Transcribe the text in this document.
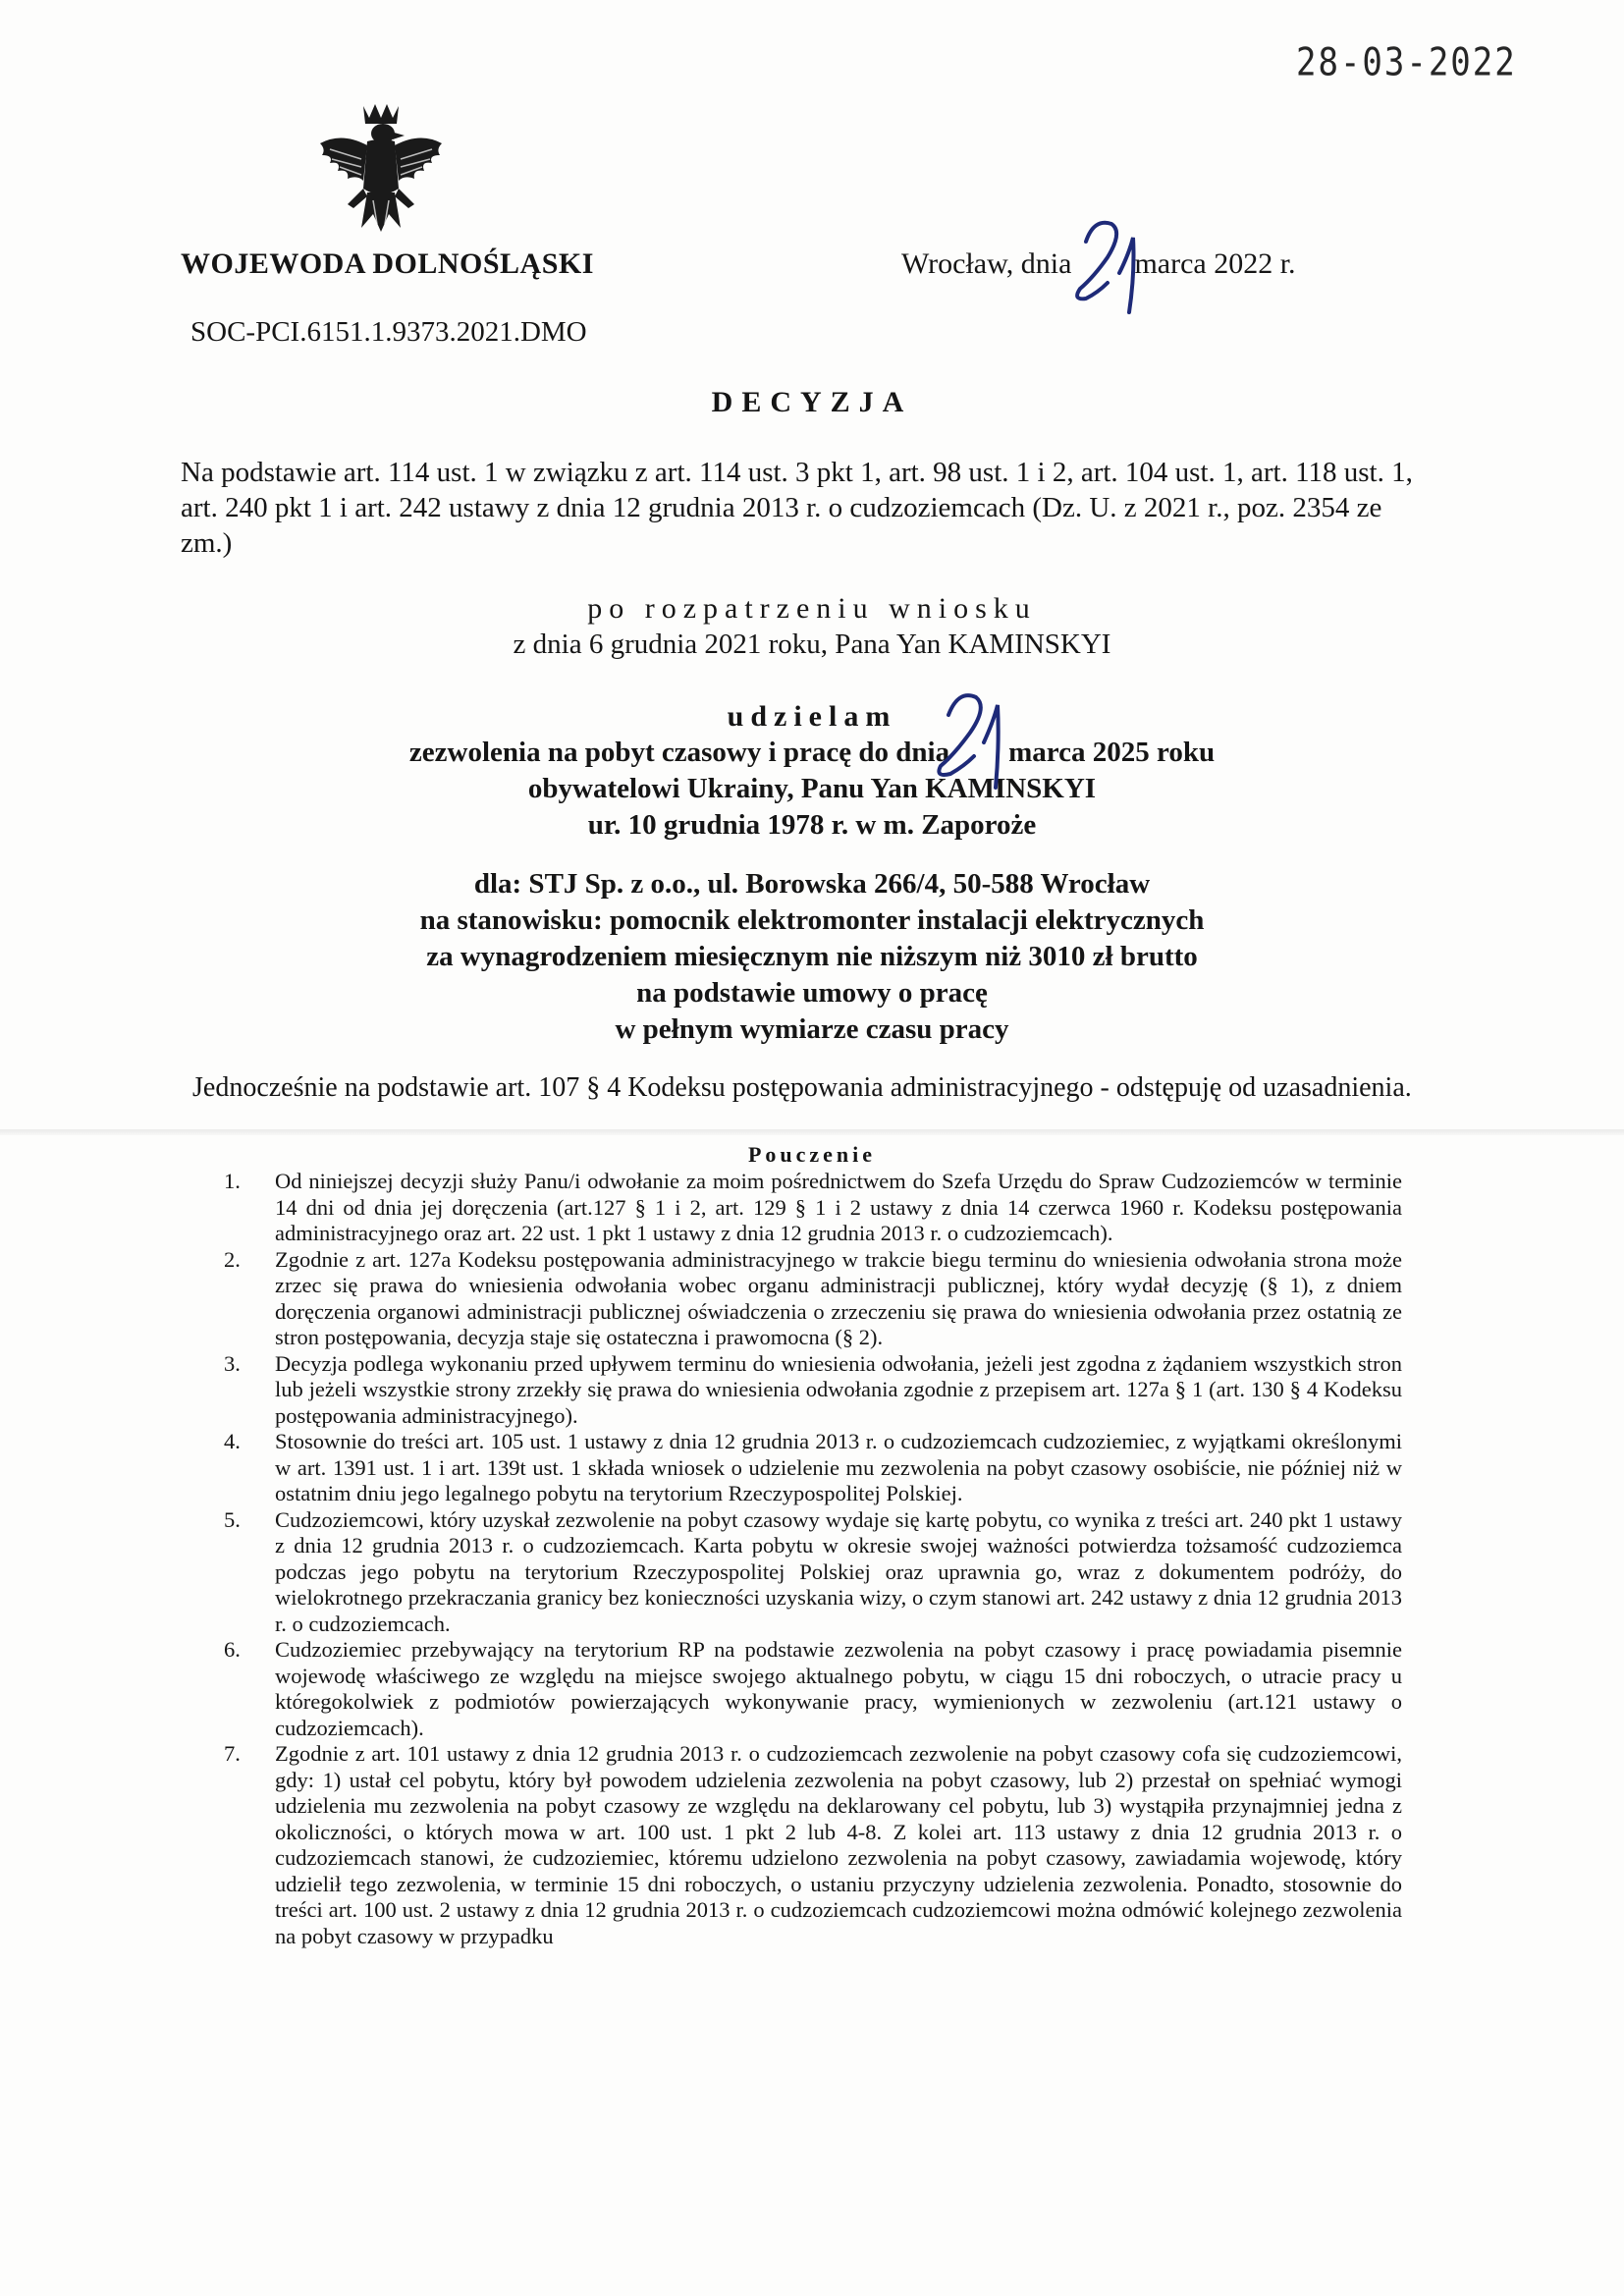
28-03-2022
WOJEWODA DOLNOŚLĄSKI	Wrocław, dnia marca 2022 r.
SOC-PCI.6151.1.9373.2021.DMO
DECYZJA
Na podstawie art. 114 ust. 1 w związku z art. 114 ust. 3 pkt 1, art. 98 ust. 1 i 2, art. 104 ust. 1, art. 118 ust. 1, art. 240 pkt 1 i art. 242 ustawy z dnia 12 grudnia 2013 r. o cudzoziemcach (Dz. U. z 2021 r., poz. 2354 ze zm.)
po rozpatrzeniu wniosku
z dnia 6 grudnia 2021 roku, Pana Yan KAMINSKYI
udzielam
zezwolenia na pobyt czasowy i pracę do dnia marca 2025 roku
obywatelowi Ukrainy, Panu Yan KAMINSKYI
ur. 10 grudnia 1978 r. w m. Zaporoże
dla: STJ Sp. z o.o., ul. Borowska 266/4, 50-588 Wrocław
na stanowisku: pomocnik elektromonter instalacji elektrycznych
za wynagrodzeniem miesięcznym nie niższym niż 3010 zł brutto
na podstawie umowy o pracę
w pełnym wymiarze czasu pracy
Jednocześnie na podstawie art. 107 § 4 Kodeksu postępowania administracyjnego - odstępuję od uzasadnienia.
Pouczenie
1. Od niniejszej decyzji służy Panu/i odwołanie za moim pośrednictwem do Szefa Urzędu do Spraw Cudzoziemców w terminie 14 dni od dnia jej doręczenia (art.127 § 1 i 2, art. 129 § 1 i 2 ustawy z dnia 14 czerwca 1960 r. Kodeksu postępowania administracyjnego oraz art. 22 ust. 1 pkt 1 ustawy z dnia 12 grudnia 2013 r. o cudzoziemcach).
2. Zgodnie z art. 127a Kodeksu postępowania administracyjnego w trakcie biegu terminu do wniesienia odwołania strona może zrzec się prawa do wniesienia odwołania wobec organu administracji publicznej, który wydał decyzję (§ 1), z dniem doręczenia organowi administracji publicznej oświadczenia o zrzeczeniu się prawa do wniesienia odwołania przez ostatnią ze stron postępowania, decyzja staje się ostateczna i prawomocna (§ 2).
3. Decyzja podlega wykonaniu przed upływem terminu do wniesienia odwołania, jeżeli jest zgodna z żądaniem wszystkich stron lub jeżeli wszystkie strony zrzekły się prawa do wniesienia odwołania zgodnie z przepisem art. 127a § 1 (art. 130 § 4 Kodeksu postępowania administracyjnego).
4. Stosownie do treści art. 105 ust. 1 ustawy z dnia 12 grudnia 2013 r. o cudzoziemcach cudzoziemiec, z wyjątkami określonymi w art. 1391 ust. 1 i art. 139t ust. 1 składa wniosek o udzielenie mu zezwolenia na pobyt czasowy osobiście, nie później niż w ostatnim dniu jego legalnego pobytu na terytorium Rzeczypospolitej Polskiej.
5. Cudzoziemcowi, który uzyskał zezwolenie na pobyt czasowy wydaje się kartę pobytu, co wynika z treści art. 240 pkt 1 ustawy z dnia 12 grudnia 2013 r. o cudzoziemcach. Karta pobytu w okresie swojej ważności potwierdza tożsamość cudzoziemca podczas jego pobytu na terytorium Rzeczypospolitej Polskiej oraz uprawnia go, wraz z dokumentem podróży, do wielokrotnego przekraczania granicy bez konieczności uzyskania wizy, o czym stanowi art. 242 ustawy z dnia 12 grudnia 2013 r. o cudzoziemcach.
6. Cudzoziemiec przebywający na terytorium RP na podstawie zezwolenia na pobyt czasowy i pracę powiadamia pisemnie wojewodę właściwego ze względu na miejsce swojego aktualnego pobytu, w ciągu 15 dni roboczych, o utracie pracy u któregokolwiek z podmiotów powierzających wykonywanie pracy, wymienionych w zezwoleniu (art.121 ustawy o cudzoziemcach).
7. Zgodnie z art. 101 ustawy z dnia 12 grudnia 2013 r. o cudzoziemcach zezwolenie na pobyt czasowy cofa się cudzoziemcowi, gdy: 1) ustał cel pobytu, który był powodem udzielenia zezwolenia na pobyt czasowy, lub 2) przestał on spełniać wymogi udzielenia mu zezwolenia na pobyt czasowy ze względu na deklarowany cel pobytu, lub 3) wystąpiła przynajmniej jedna z okoliczności, o których mowa w art. 100 ust. 1 pkt 2 lub 4-8. Z kolei art. 113 ustawy z dnia 12 grudnia 2013 r. o cudzoziemcach stanowi, że cudzoziemiec, któremu udzielono zezwolenia na pobyt czasowy, zawiadamia wojewodę, który udzielił tego zezwolenia, w terminie 15 dni roboczych, o ustaniu przyczyny udzielenia zezwolenia. Ponadto, stosownie do treści art. 100 ust. 2 ustawy z dnia 12 grudnia 2013 r. o cudzoziemcach cudzoziemcowi można odmówić kolejnego zezwolenia na pobyt czasowy w przypadku
